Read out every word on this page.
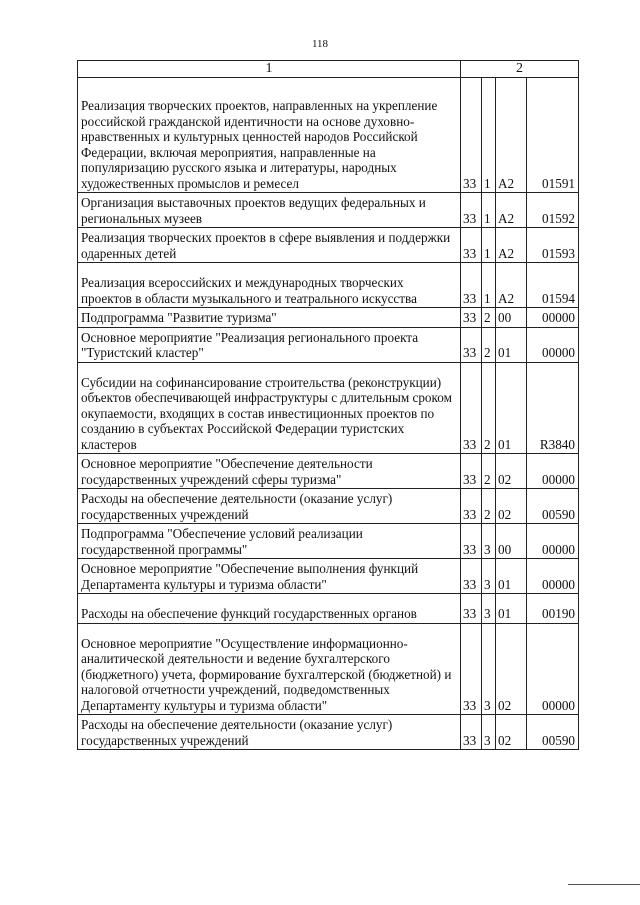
118
1	2			

Реализация творческих проектов, направленных на укрепление российской гражданской идентичности на основе духовно-нравственных и культурных ценностей народов Российской Федерации, включая мероприятия, направленные на популяризацию русского языка и литературы, народных художественных промыслов и ремесел	33	1	А2	01591
Организация выставочных проектов ведущих федеральных и региональных музеев	33	1	А2	01592
Реализация творческих проектов в сфере выявления и поддержки одаренных детей	33	1	А2	01593

Реализация всероссийских и международных творческих проектов в области музыкального и театрального искусства	33	1	А2	01594
Подпрограмма "Развитие туризма"	33	2	00	00000
Основное мероприятие "Реализация регионального проекта "Туристский кластер"	33	2	01	00000

Субсидии на софинансирование строительства (реконструкции) объектов обеспечивающей инфраструктуры с длительным сроком окупаемости, входящих в состав инвестиционных проектов по созданию в субъектах Российской Федерации туристских кластеров	33	2	01	R3840
Основное мероприятие "Обеспечение деятельности государственных учреждений сферы туризма"	33	2	02	00000
Расходы на обеспечение деятельности (оказание услуг) государственных учреждений	33	2	02	00590
Подпрограмма "Обеспечение условий реализации государственной программы"	33	3	00	00000
Основное мероприятие "Обеспечение выполнения функций Департамента культуры и туризма области"	33	3	01	00000
Расходы на обеспечение функций государственных органов	33	3	01	00190

Основное мероприятие "Осуществление информационно-аналитической деятельности и ведение бухгалтерского (бюджетного) учета, формирование бухгалтерской (бюджетной) и налоговой отчетности учреждений, подведомственных Департаменту культуры и туризма области"	33	3	02	00000
Расходы на обеспечение деятельности (оказание услуг) государственных учреждений	33	3	02	00590
